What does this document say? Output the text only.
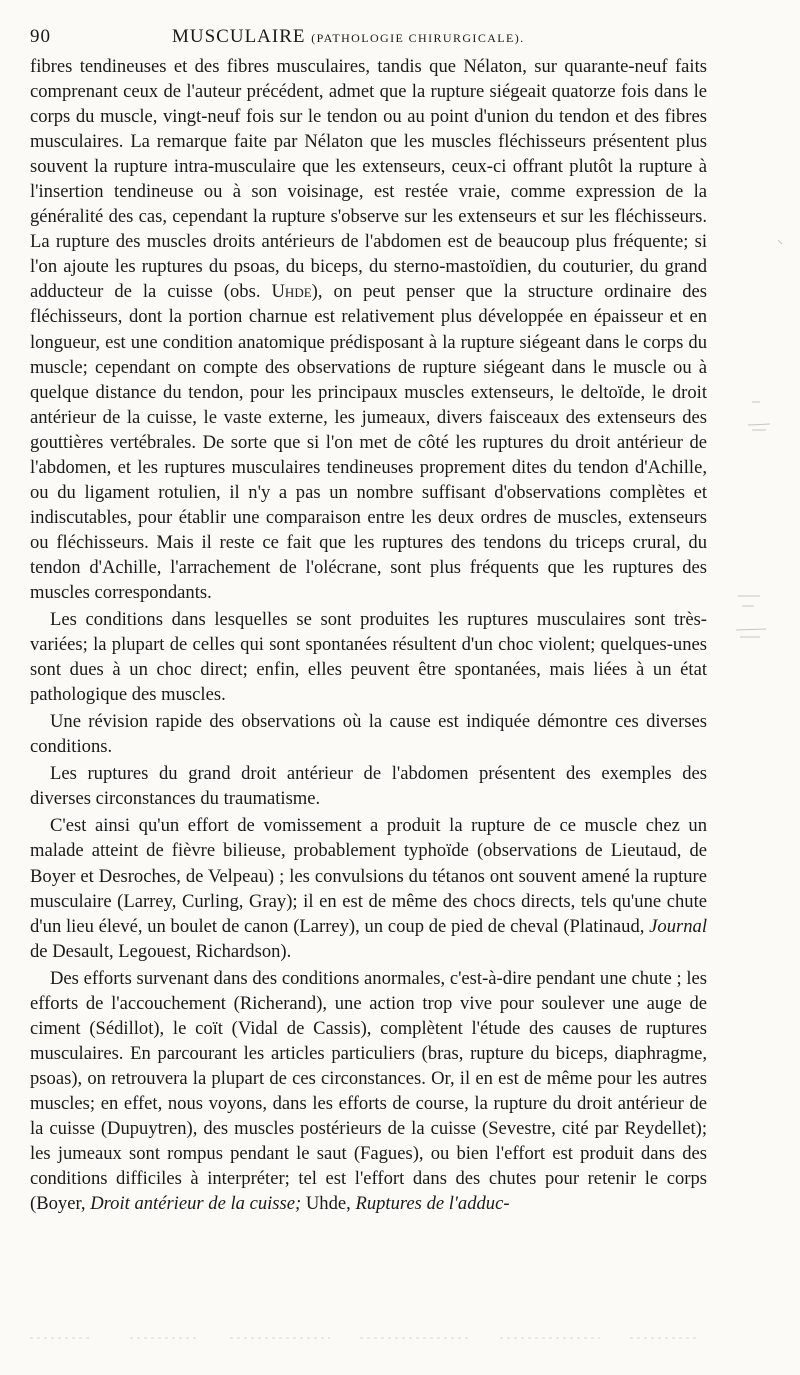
90	MUSCULAIRE (PATHOLOGIE CHIRURGICALE).

fibres tendineuses et des fibres musculaires, tandis que Nélaton, sur quarante-neuf faits comprenant ceux de l'auteur précédent, admet que la rupture siégeait quatorze fois dans le corps du muscle, vingt-neuf fois sur le tendon ou au point d'union du tendon et des fibres musculaires. La remarque faite par Nélaton que les muscles fléchisseurs présentent plus souvent la rupture intra-musculaire que les extenseurs, ceux-ci offrant plutôt la rupture à l'insertion tendineuse ou à son voisinage, est restée vraie, comme expression de la généralité des cas, cependant la rupture s'observe sur les extenseurs et sur les fléchisseurs. La rupture des muscles droits antérieurs de l'abdomen est de beaucoup plus fréquente; si l'on ajoute les ruptures du psoas, du biceps, du sterno-mastoïdien, du couturier, du grand adducteur de la cuisse (obs. Uhde), on peut penser que la structure ordinaire des fléchisseurs, dont la portion charnue est relativement plus développée en épaisseur et en longueur, est une condition anatomique prédisposant à la rupture siégeant dans le corps du muscle; cependant on compte des observations de rupture siégeant dans le muscle ou à quelque distance du tendon, pour les principaux muscles extenseurs, le deltoïde, le droit antérieur de la cuisse, le vaste externe, les jumeaux, divers faisceaux des extenseurs des gouttières vertébrales. De sorte que si l'on met de côté les ruptures du droit antérieur de l'abdomen, et les ruptures musculaires tendineuses proprement dites du tendon d'Achille, ou du ligament rotulien, il n'y a pas un nombre suffisant d'observations complètes et indiscutables, pour établir une comparaison entre les deux ordres de muscles, extenseurs ou fléchisseurs. Mais il reste ce fait que les ruptures des tendons du triceps crural, du tendon d'Achille, l'arrachement de l'olécrane, sont plus fréquents que les ruptures des muscles correspondants.

Les conditions dans lesquelles se sont produites les ruptures musculaires sont très-variées; la plupart de celles qui sont spontanées résultent d'un choc violent; quelques-unes sont dues à un choc direct; enfin, elles peuvent être spontanées, mais liées à un état pathologique des muscles.

Une révision rapide des observations où la cause est indiquée démontre ces diverses conditions.

Les ruptures du grand droit antérieur de l'abdomen présentent des exemples des diverses circonstances du traumatisme.

C'est ainsi qu'un effort de vomissement a produit la rupture de ce muscle chez un malade atteint de fièvre bilieuse, probablement typhoïde (observations de Lieutaud, de Boyer et Desroches, de Velpeau) ; les convulsions du tétanos ont souvent amené la rupture musculaire (Larrey, Curling, Gray); il en est de même des chocs directs, tels qu'une chute d'un lieu élevé, un boulet de canon (Larrey), un coup de pied de cheval (Platinaud, Journal de Desault, Legouest, Richardson).

Des efforts survenant dans des conditions anormales, c'est-à-dire pendant une chute ; les efforts de l'accouchement (Richerand), une action trop vive pour soulever une auge de ciment (Sédillot), le coït (Vidal de Cassis), complètent l'étude des causes de ruptures musculaires. En parcourant les articles particuliers (bras, rupture du biceps, diaphragme, psoas), on retrouvera la plupart de ces circonstances. Or, il en est de même pour les autres muscles; en effet, nous voyons, dans les efforts de course, la rupture du droit antérieur de la cuisse (Dupuytren), des muscles postérieurs de la cuisse (Sevestre, cité par Reydellet); les jumeaux sont rompus pendant le saut (Fagues), ou bien l'effort est produit dans des conditions difficiles à interpréter; tel est l'effort dans des chutes pour retenir le corps (Boyer, Droit antérieur de la cuisse; Uhde, Ruptures de l'adduc-
